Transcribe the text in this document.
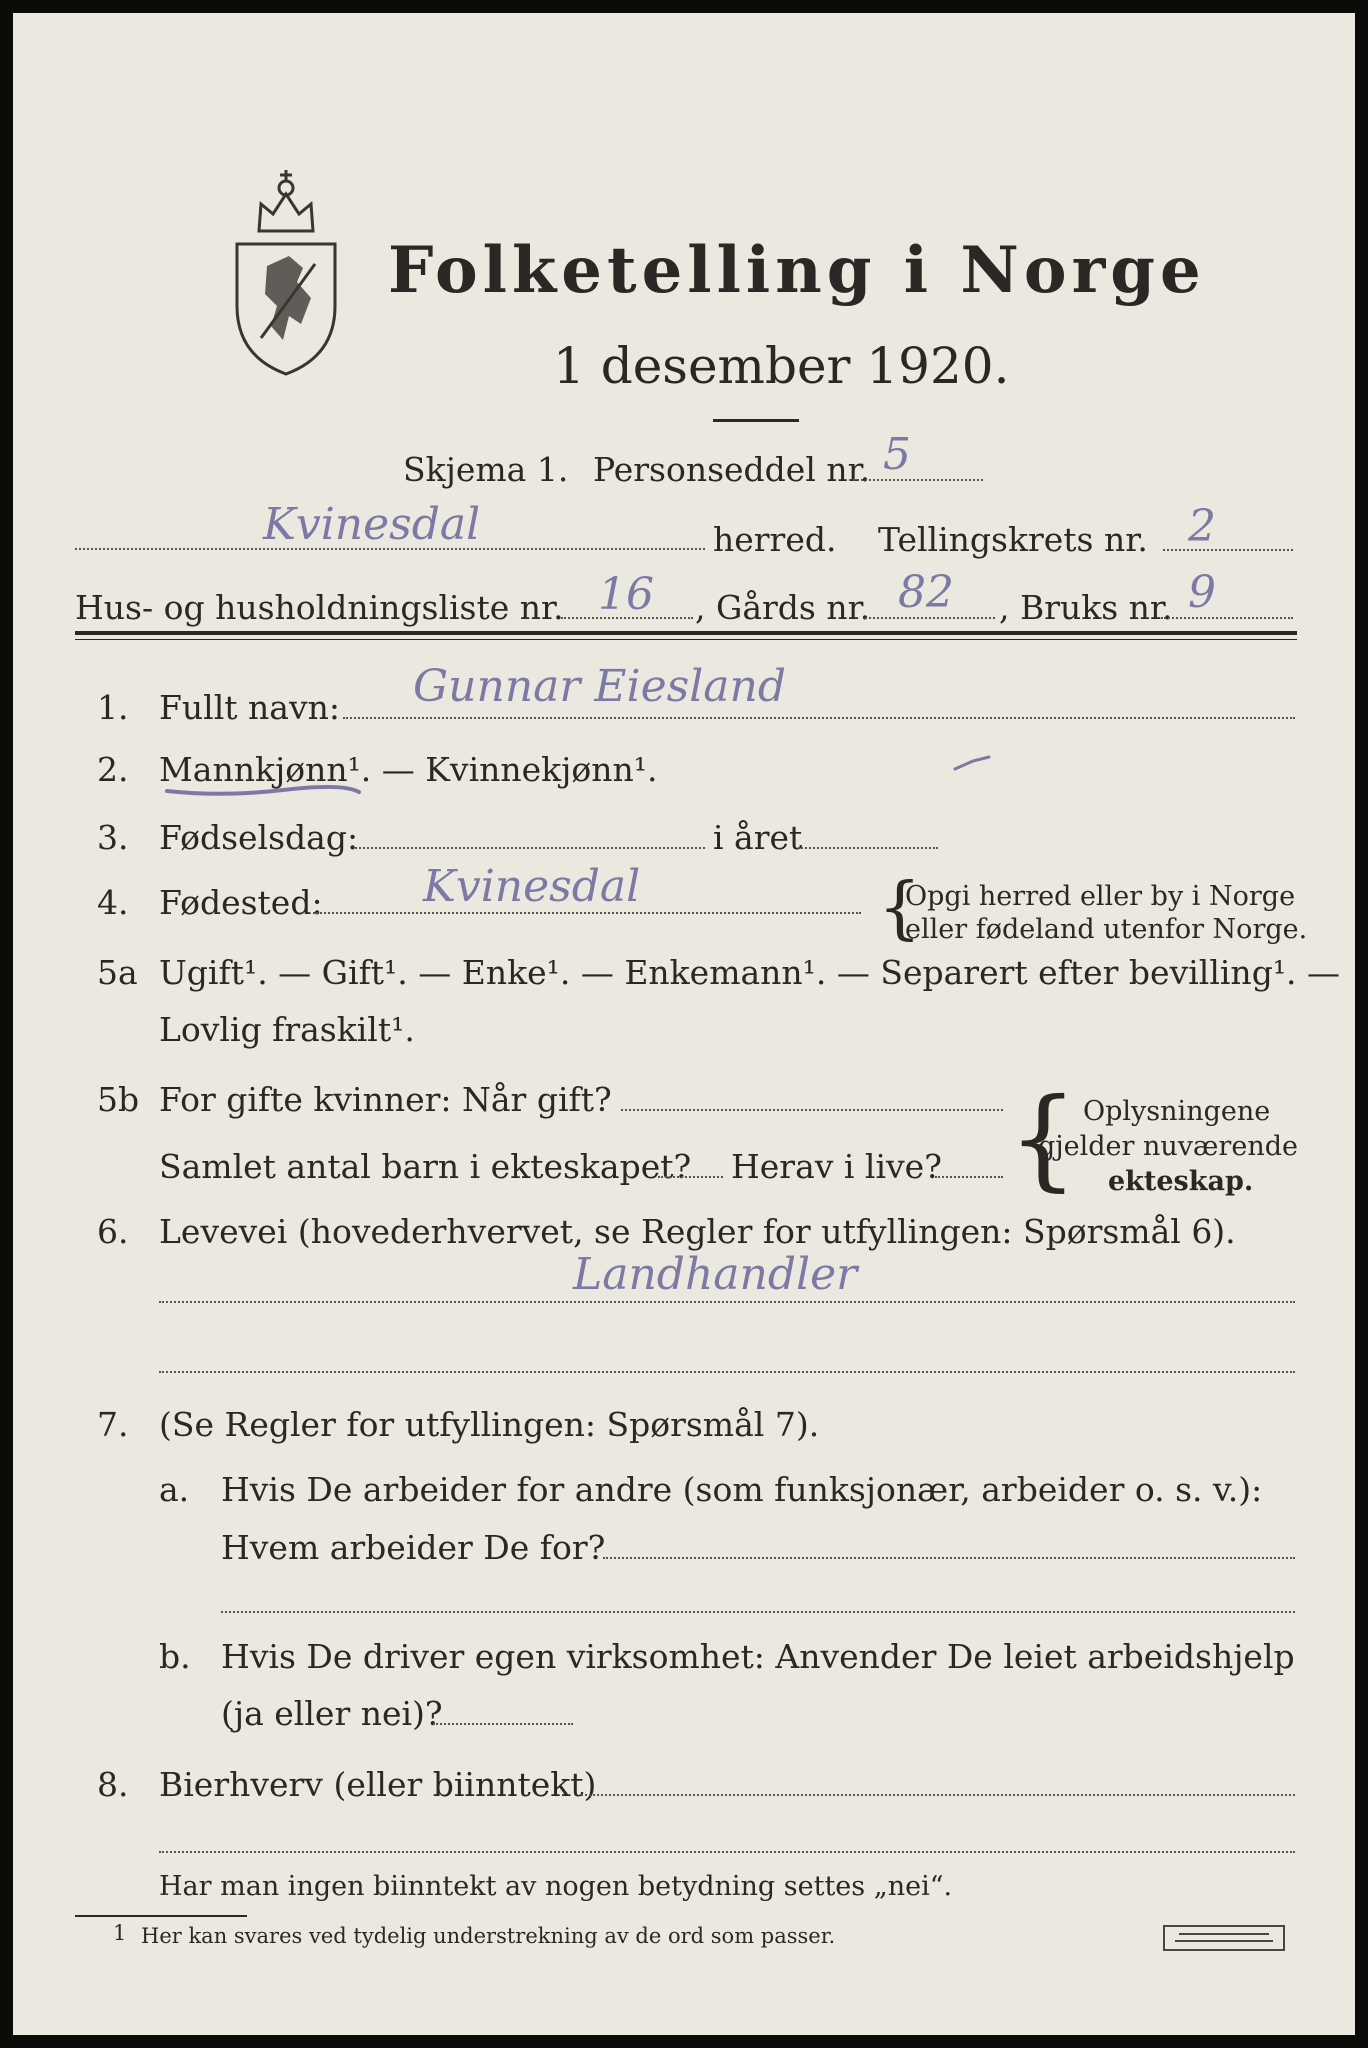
Folketelling i Norge
1 desember 1920.
Skjema 1. Personseddel nr. 5
Kvinesdal	herred. Tellingskrets nr. 2
Hus- og husholdningsliste nr. 16 , Gårds nr. 82 , Bruks nr. 9
1. Fullt navn: Gunnar Eiesland
2. Mannkjønn¹. — Kvinnekjønn¹.
3. Fødselsdag:	i året
4. Fødested: Kvinesdal	{
Opgi herred eller by i Norge
eller fødeland utenfor Norge.
5a Ugift¹. — Gift¹. — Enke¹. — Enkemann¹. — Separert efter bevilling¹. —
Lovlig fraskilt¹.
5b For gifte kvinner: Når gift?
Samlet antal barn i ekteskapet? Herav i live? { Oplysningene
gjelder nuværende
ekteskap.
6. Levevei (hovederhvervet, se Regler for utfyllingen: Spørsmål 6).
Landhandler
7. (Se Regler for utfyllingen: Spørsmål 7).
a. Hvis De arbeider for andre (som funksjonær, arbeider o. s. v.):
Hvem arbeider De for?
b. Hvis De driver egen virksomhet: Anvender De leiet arbeidshjelp
(ja eller nei)?
8. Bierhverv (eller biinntekt)
Har man ingen biinntekt av nogen betydning settes „nei“.
1 Her kan svares ved tydelig understrekning av de ord som passer.
